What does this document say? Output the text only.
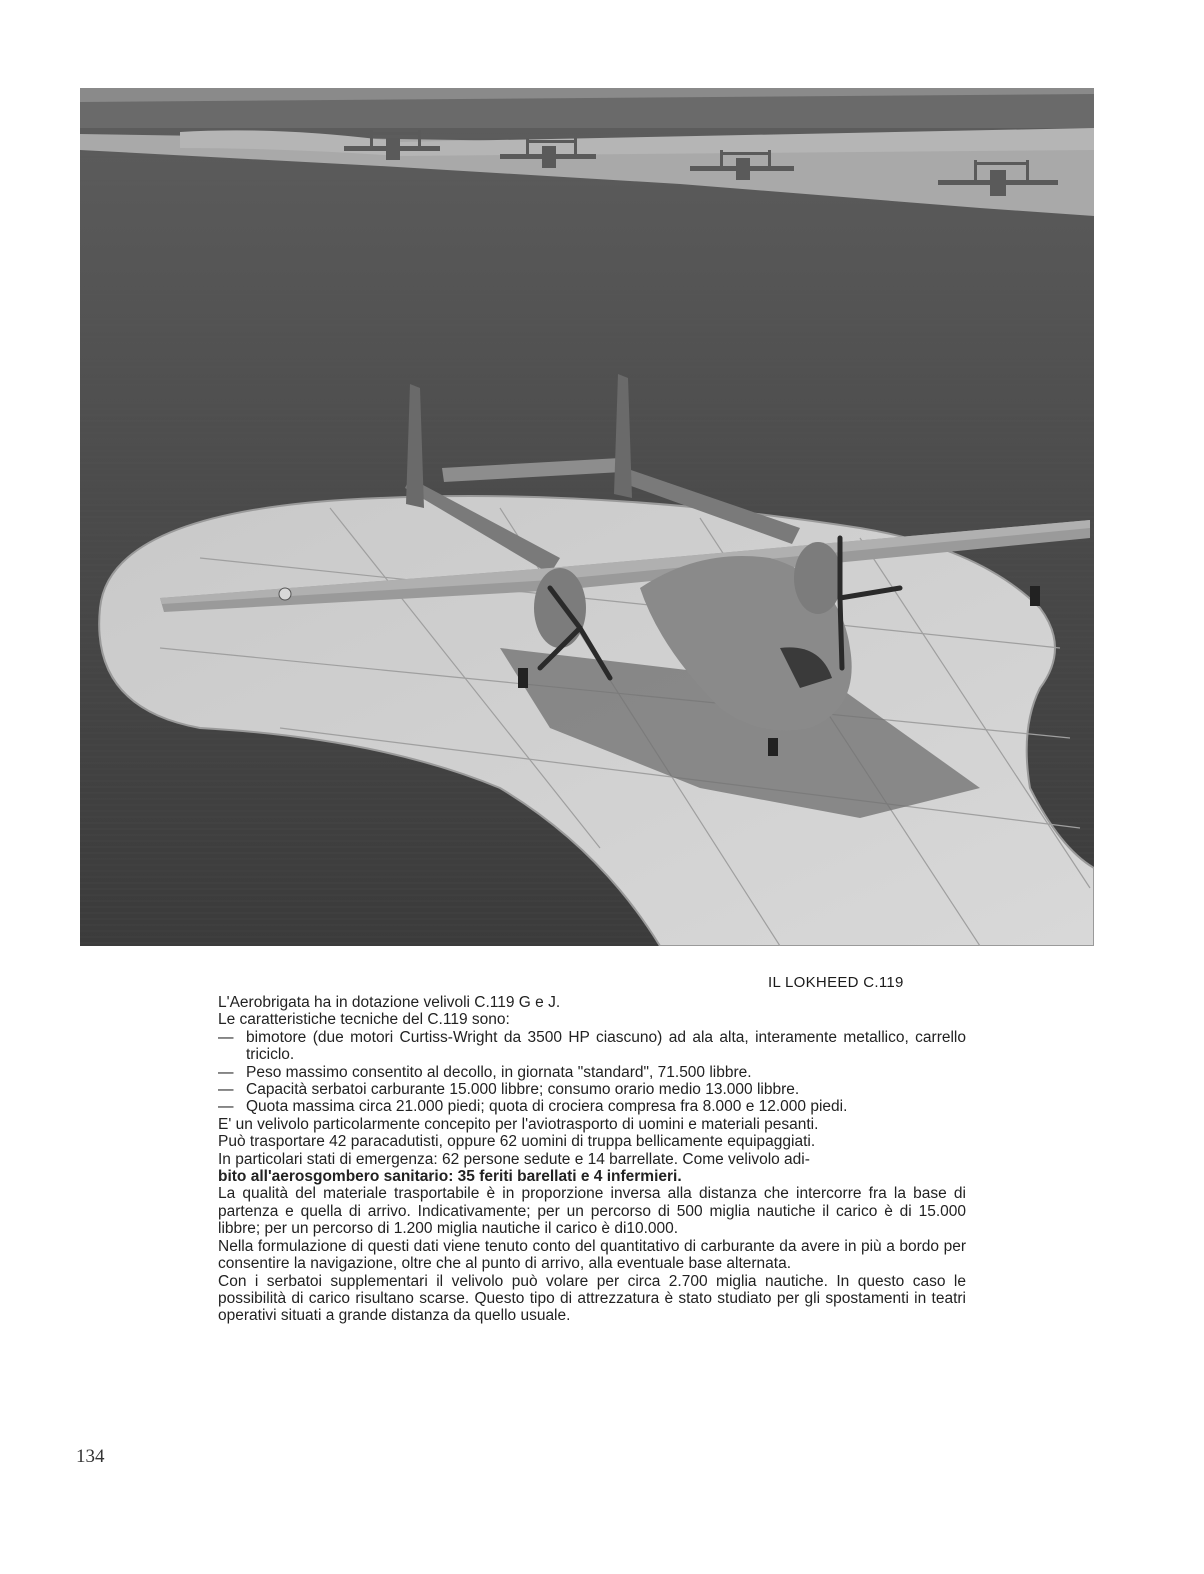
IL LOKHEED C.119

L'Aerobrigata ha in dotazione velivoli C.119 G e J.

Le caratteristiche tecniche del C.119 sono:

— bimotore (due motori Curtiss-Wright da 3500 HP ciascuno) ad ala alta, interamente metallico, carrello triciclo.
— Peso massimo consentito al decollo, in giornata "standard", 71.500 libbre.
— Capacità serbatoi carburante 15.000 libbre; consumo orario medio 13.000 libbre.
— Quota massima circa 21.000 piedi; quota di crociera compresa fra 8.000 e 12.000 piedi.

E' un velivolo particolarmente concepito per l'aviotrasporto di uomini e materiali pesanti.

Può trasportare 42 paracadutisti, oppure 62 uomini di truppa bellicamente equipaggiati.

In particolari stati di emergenza: 62 persone sedute e 14 barrellate. Come velivolo adi-

bito all'aerosgombero sanitario: 35 feriti barellati e 4 infermieri.

La qualità del materiale trasportabile è in proporzione inversa alla distanza che intercorre fra la base di partenza e quella di arrivo. Indicativamente; per un percorso di 500 miglia nautiche il carico è di 15.000 libbre; per un percorso di 1.200 miglia nautiche il carico è di10.000.

Nella formulazione di questi dati viene tenuto conto del quantitativo di carburante da avere in più a bordo per consentire la navigazione, oltre che al punto di arrivo, alla eventuale base alternata.

Con i serbatoi supplementari il velivolo può volare per circa 2.700 miglia nautiche. In questo caso le possibilità di carico risultano scarse. Questo tipo di attrezzatura è stato studiato per gli spostamenti in teatri operativi situati a grande distanza da quello usuale.

134
